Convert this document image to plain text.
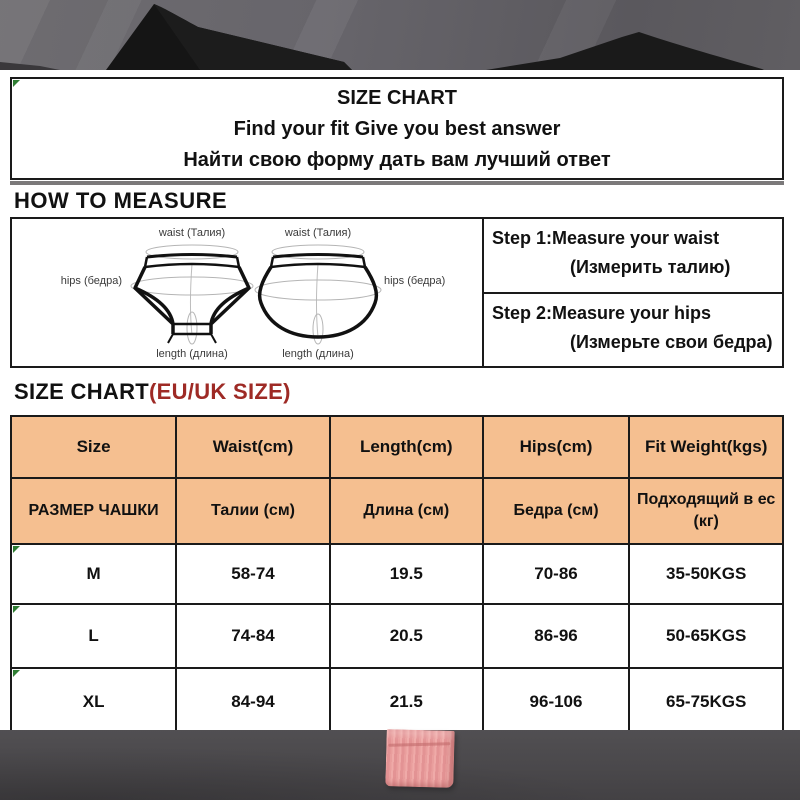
SIZE CHART
Find your fit Give you best answer
Найти свою форму дать вам лучший ответ
HOW TO MEASURE
waist (Талия)
hips (бедра)
length (длина)
waist (Талия)
hips (бедра)
length (длина)
Step 1:Measure your waist
(Измерить талию)
Step 2:Measure your hips
(Измерьте свои бедра)
SIZE CHART(EU/UK SIZE)
Size	Waist(cm)	Length(cm)	Hips(cm)	Fit Weight(kgs)
РАЗМЕР ЧАШКИ	Талии (см)	Длина (см)	Бедра (см)	Подходящий в ес (кг)

M	58-74	19.5	70-86	35-50KGS

L	74-84	20.5	86-96	50-65KGS

XL	84-94	21.5	96-106	65-75KGS
